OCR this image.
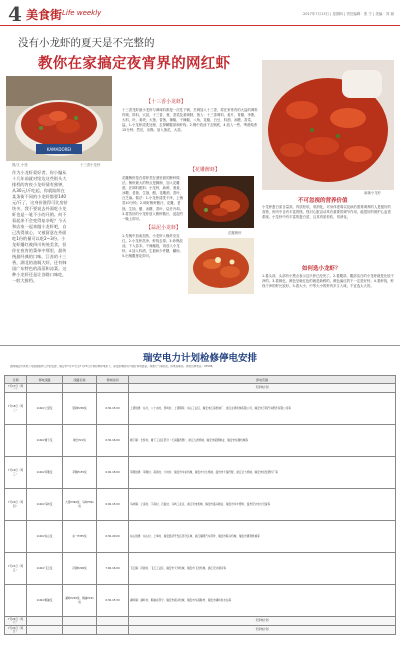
4 美食街 Life weekly	2017年7月13日 | 星期四 | 责任编辑：张 宁 | 美编：刘 斌
没有小龙虾的夏天是不完整的
教你在家搞定夜宵界的网红虾
KAMADOREI
十三香小龙虾
图/文 小张
作为小龙虾爱好者，你小编从十几年前就对馆边这些街头大排档的宵夜小龙虾情有独钟，从30元/斤吃起，你就陆续在某条街不同的小龙虾都要140元/斤了，这身价涨得可比房价快多，我不要说去外面吃小龙虾也是一笔不小的开销。何不看起来不会变得复杂呢？今天和店家一起来做小龙虾吧，自己洗得放心，又被留意在外面吃1份的量可以吃2~3份。小龙虾爆红被四川传统美食，但你在夜宵的菜单中那里，最传统最经典的口味，江苏的十三香，湖北的油焖大虾，还有韩国广东特色的清蒸和凉菜。这种小龙虾还是让各路口味吃，一般大排档。
【十三香小龙虾】
十三香龙虾最小龙虾与调味料都是一次性下锅，烹调加入十三香，将在家常有的大盐的调料炸调，料料，大蒜，十三香，葱，香菜及姜调制，葱入：十三香调料，姜片，青瓣，李斯，大料，叶，姜块，大葱，香葱，辣椒，干辣椒，八角，花椒，白豆，料酒，冰糖，香菜，盐。1.小龙虾清洗处理，去掉鳃腹部和虾线；2.锅中放油下去锅底，4.放入一些，啤酒炖煮15分钟；然后，出锅，加入葱花，大蒜。
【花雕醉虾】
花雕醉虾是在将虾蒸在酒里面的醉虾做法。醉虾最大的特点是腌制，加入花雕酒，在调料配料：小龙虾，新鲜，葱姜，冰糖，老抽，生抽，醋，花雕酒，香叶，白芝麻。做法：1.小龙虾清洗干净，上锅蒸10分钟。2.调好醉虾酱汁，花雕，老抽，生抽，醋，冰糖，香叶，烧开冷却。3.将蒸好的小龙虾放入醉虾酱汁，浸泡约一晚上即可。
花雕醉虾
【蒜泥小龙虾】
1.先锅中加油加热，小龙虾入锅炸至变红。2.小龙虾洗净，虾线去掉。3.炒锅放油，下入蒜末、干辣椒段，再放入小龙虾。4.加入料酒，生抽和少许糖，翻炒。5.出锅撒葱花即可。
麻辣小龙虾
不可忽视的营养价值
小龙虾蛋白质含量高，肉质松软，易消化，对身体虚弱以及病后需要调养的人是极好的食物，虾肉中含有丰富的镁，镁对心脏活动具有重要的调节作用，能很好的保护心血管系统。小龙虾中有丰富的蛋白质，且其肉质松软，易消化。
如何选小龙虾？
1.看头部，头部有小黑点表示这只虾已经死了。2.看腹部，腹部洁白的小龙虾就是比较干净的。3.看颜色，颜色呈暗红色的就是新鲜的，颜色偏红的不一定是好虾。4.看虾线，虾线干净的虾比较好。5.看大小，中等大小的虾肉多又入味，不宜选太大的。
瑞安电力计划检修停电安排
国网瑞安市供电公司根据检修工作的安排，瑞安市7月17日至7月23日计划检修停电如下，请受影响的用户做好停电准备。如遇天气等原因，停电将顺延。供电咨询电话：95598。
日期	停电线路	线路名称	停电时间	停电范围
7月17日（周一）				无停电计划
7月18日（周二）	110kV上望变	望新P236线	6:30-15:00	上望街道：东片，八十亩村、西岭村、上望铜铸、东山工业区、瑞安市江南机械厂、浙江永鸿机械有限公司、瑞安市万利汽车配件有限公司等
	110kV塘下变	塘长P21线	6:30-16:00	塘下镇：长桥村、塘下工业区部分（天润路西侧）、浙江九洲机械、瑞安市富源鞋业、瑞安市恒通机械等
7月19日（周三）	110kV莘塍变	莘塍P155线	6:00-18:00	莘塍街道：莘塍村、南滨村、大坑村、瑞安市华东机械、瑞安市力达机械、温州市天瑞汽配、浙江达力机械、瑞安市恒发塑料厂等
7月20日（周四）	110kV马屿变	九里P390线、马屿P391线	6:00-15:00	马屿镇：上南村、下南村、石鼓村、马屿工业区、浙江宏电机械、瑞安市盛兴鞋业、瑞安市华丰塑料、温州宏达电力设备等
	110kV东山变	东一P355线	6:30-20:00	东山街道：东山村、上埠村、瑞安经济开发区部分区域、浙江瑞明汽车部件、瑞安市联兴机械、瑞安市通利机械等
7月21日（周五）	110kV飞云变	河园P206线	7:00-16:00	飞云镇：河园村、飞云工业区、瑞安市天华机械、瑞安市飞龙机械、浙江宏达制冷等
	110kV桐浦变	湖岭P230线、桐浦P231线	6:30-15:30	湖岭镇：湖岭村、桐浦乡部分、瑞安市振兴机械、瑞安市华昌鞋材、瑞安市湖岭供水站等
7月22日（周六）				无停电计划
7月23日（周日）				无停电计划
